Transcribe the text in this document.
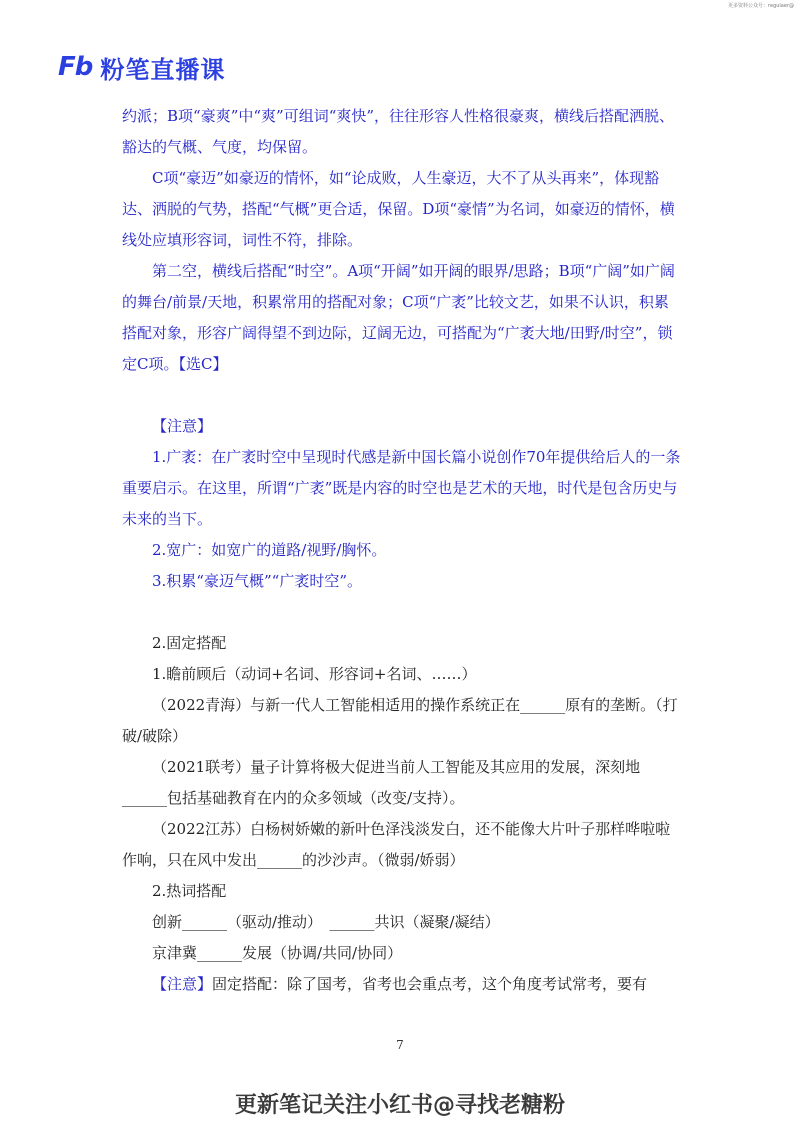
更多资料公众号：regulaer@
Fb 粉笔直播课

约派；B项“豪爽”中“爽”可组词“爽快”，往往形容人性格很豪爽，横线后搭配洒脱、豁达的气概、气度，均保留。

C项“豪迈”如豪迈的情怀，如“论成败，人生豪迈，大不了从头再来”，体现豁达、洒脱的气势，搭配“气概”更合适，保留。D项“豪情”为名词，如豪迈的情怀，横线处应填形容词，词性不符，排除。

第二空，横线后搭配“时空”。A项“开阔”如开阔的眼界/思路；B项“广阔”如广阔的舞台/前景/天地，积累常用的搭配对象；C项“广袤”比较文艺，如果不认识，积累搭配对象，形容广阔得望不到边际，辽阔无边，可搭配为“广袤大地/田野/时空”，锁定C项。【选C】

【注意】

1.广袤：在广袤时空中呈现时代感是新中国长篇小说创作70年提供给后人的一条重要启示。在这里，所谓“广袤”既是内容的时空也是艺术的天地，时代是包含历史与未来的当下。

2.宽广：如宽广的道路/视野/胸怀。

3.积累“豪迈气概”“广袤时空”。

2.固定搭配

1.瞻前顾后（动词+名词、形容词+名词、……）

（2022青海）与新一代人工智能相适用的操作系统正在______原有的垄断。（打破/破除）

（2021联考）量子计算将极大促进当前人工智能及其应用的发展，深刻地______包括基础教育在内的众多领域（改变/支持）。

（2022江苏）白杨树娇嫩的新叶色泽浅淡发白，还不能像大片叶子那样哗啦啦作响，只在风中发出______的沙沙声。（微弱/娇弱）

2.热词搭配

创新______（驱动/推动）　______共识（凝聚/凝结）

京津冀______发展（协调/共同/协同）

【注意】固定搭配：除了国考，省考也会重点考，这个角度考试常考，要有

7
更新笔记关注小红书@寻找老糖粉
